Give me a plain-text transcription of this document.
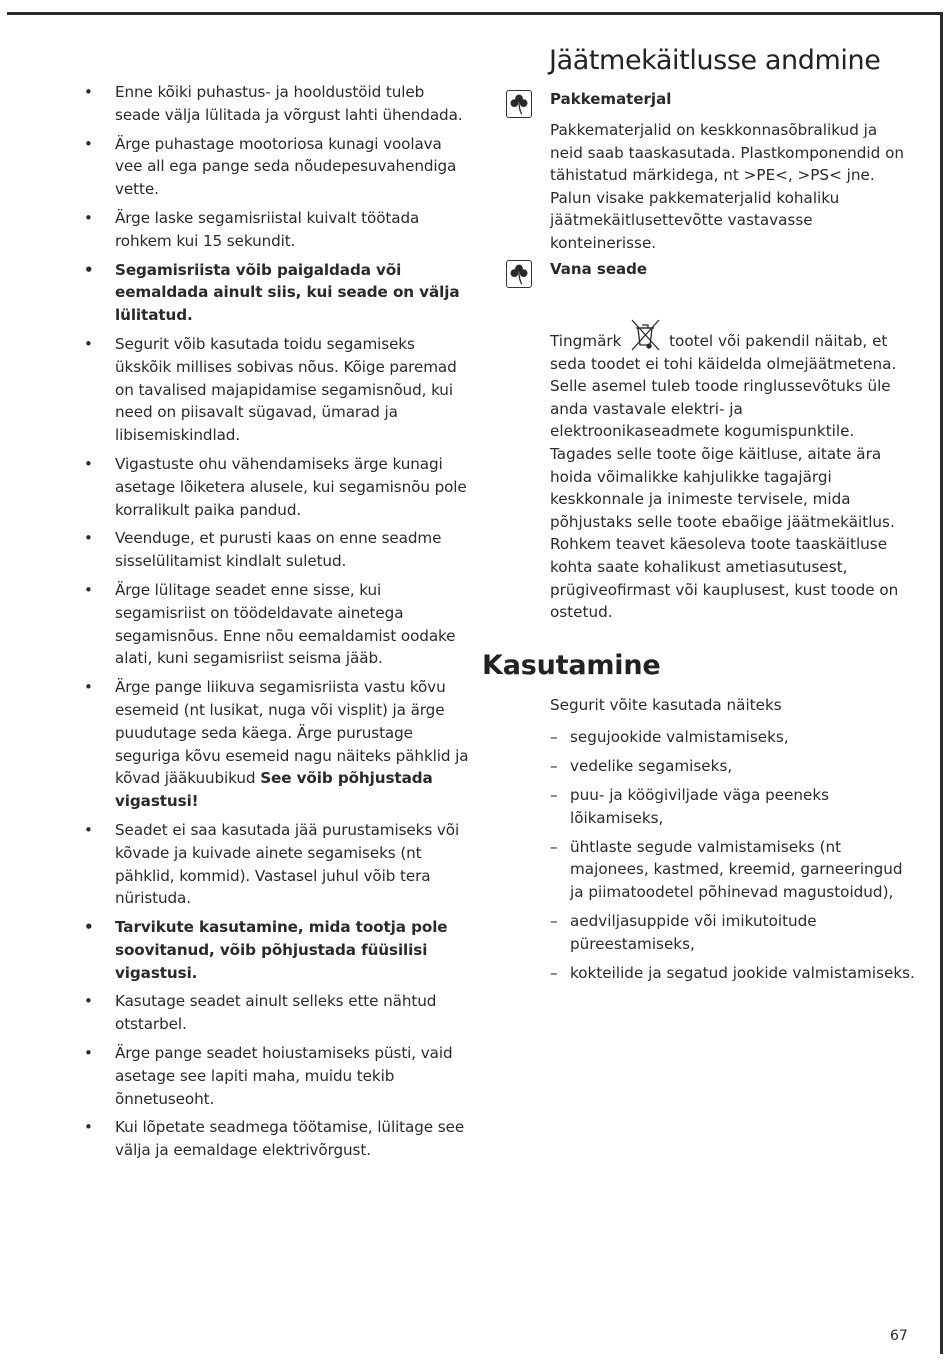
• Enne kõiki puhastus- ja hooldustöid tuleb seade välja lülitada ja võrgust lahti ühendada.
• Ärge puhastage mootoriosa kunagi voolava vee all ega pange seda nõudepesuvahendiga vette.
• Ärge laske segamisriistal kuivalt töötada rohkem kui 15 sekundit.
• Segamisriista võib paigaldada või eemaldada ainult siis, kui seade on välja lülitatud.
• Segurit võib kasutada toidu segamiseks ükskõik millises sobivas nõus. Kõige paremad on tavalised majapidamise segamisnõud, kui need on piisavalt sügavad, ümarad ja libisemiskindlad.
• Vigastuste ohu vähendamiseks ärge kunagi asetage lõiketera alusele, kui segamisnõu pole korralikult paika pandud.
• Veenduge, et purusti kaas on enne seadme sisselülitamist kindlalt suletud.
• Ärge lülitage seadet enne sisse, kui segamisriist on töödeldavate ainetega segamisnõus. Enne nõu eemaldamist oodake alati, kuni segamisriist seisma jääb.
• Ärge pange liikuva segamisriista vastu kõvu esemeid (nt lusikat, nuga või visplit) ja ärge puudutage seda käega. Ärge purustage seguriga kõvu esemeid nagu näiteks pähklid ja kõvad jääkuubikud See võib põhjustada vigastusi!
• Seadet ei saa kasutada jää purustamiseks või kõvade ja kuivade ainete segamiseks (nt pähklid, kommid). Vastasel juhul võib tera nüristuda.
• Tarvikute kasutamine, mida tootja pole soovitanud, võib põhjustada füüsilisi vigastusi.
• Kasutage seadet ainult selleks ette nähtud otstarbel.
• Ärge pange seadet hoiustamiseks püsti, vaid asetage see lapiti maha, muidu tekib õnnetuseoht.
• Kui lõpetate seadmega töötamise, lülitage see välja ja eemaldage elektrivõrgust.
Jäätmekäitlusse andmine
Pakkematerjal
Pakkematerjalid on keskkonnasõbralikud ja neid saab taaskasutada. Plastkomponendid on tähistatud märkidega, nt >PE<, >PS< jne. Palun visake pakkematerjalid kohaliku jäätmekäitlusettevõtte vastavasse konteinerisse.
Vana seade
Tingmärk	tootel või pakendil näitab, et seda toodet ei tohi käidelda olmejäätmetena. Selle asemel tuleb toode ringlussevõtuks üle anda vastavale elektri- ja elektroonikaseadmete kogumispunktile. Tagades selle toote õige käitluse, aitate ära hoida võimalikke kahjulikke tagajärgi keskkonnale ja inimeste tervisele, mida põhjustaks selle toote ebaõige jäätmekäitlus. Rohkem teavet käesoleva toote taaskäitluse kohta saate kohalikust ametiasutusest, prügiveofirmast või kauplusest, kust toode on ostetud.
Kasutamine
Segurit võite kasutada näiteks
– segujookide valmistamiseks,
– vedelike segamiseks,
– puu- ja köögiviljade väga peeneks lõikamiseks,
– ühtlaste segude valmistamiseks (nt majonees, kastmed, kreemid, garneeringud ja piimatoodetel põhinevad magustoidud),
– aedviljasuppide või imikutoitude püreestamiseks,
– kokteilide ja segatud jookide valmistamiseks.
67
